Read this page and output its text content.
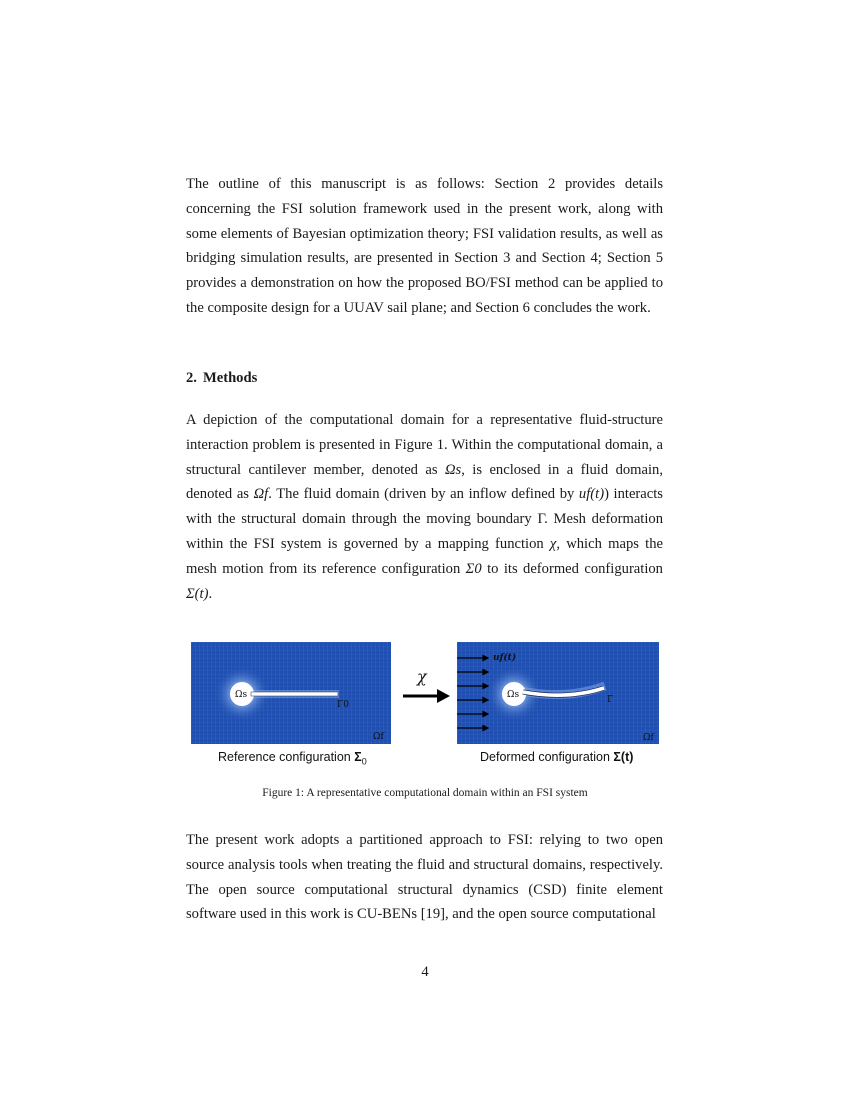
The outline of this manuscript is as follows: Section 2 provides details concerning the FSI solution framework used in the present work, along with some elements of Bayesian optimization theory; FSI validation results, as well as bridging simulation results, are presented in Section 3 and Section 4; Section 5 provides a demonstration on how the proposed BO/FSI method can be applied to the composite design for a UUAV sail plane; and Section 6 concludes the work.

2. Methods

A depiction of the computational domain for a representative fluid-structure interaction problem is presented in Figure 1. Within the computational domain, a structural cantilever member, denoted as Ωs, is enclosed in a fluid domain, denoted as Ωf. The fluid domain (driven by an inflow defined by uf(t)) interacts with the structural domain through the moving boundary Γ. Mesh deformation within the FSI system is governed by a mapping function χ, which maps the mesh motion from its reference configuration Σ0 to its deformed configuration Σ(t).

Ωs
Γ0
Ωf
χ
uf(t)
Ωs	Γ
Ωf

Reference configuration $\Sigma_0$	Deformed configuration Σ(t)

Figure 1: A representative computational domain within an FSI system

The present work adopts a partitioned approach to FSI: relying to two open source analysis tools when treating the fluid and structural domains, respectively. The open source computational structural dynamics (CSD) finite element software used in this work is CU-BENs [19], and the open source computational

4
